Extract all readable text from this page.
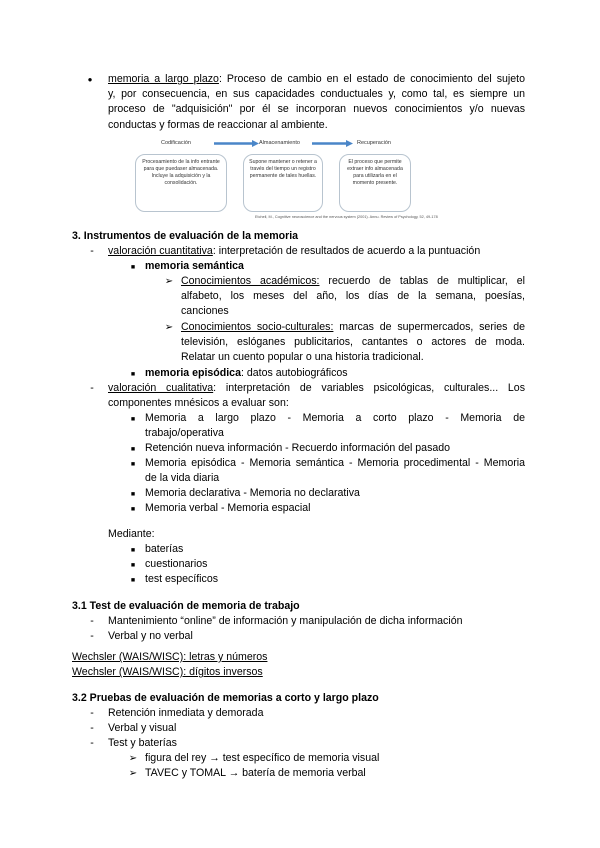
●
memoria a largo plazo: Proceso de cambio en el estado de conocimiento del sujeto
y, por consecuencia, en sus capacidades conductuales y, como tal, es siempre un
proceso de "adquisición" por él se incorporan nuevos conocimientos y/o nuevas
conductas y formas de reaccionar al ambiente.
Codificación	Almacenamiento	Recuperación
Procesamiento de la info entrante para que puedaser almacenada. Incluye la adquisición y la consolidación.
Supone mantener o retener a través del tiempo un registro permanente de tales huellas.
El proceso que permite extraer info almacenada para utilizarla en el momento presente.
Etchell, M., Cognitive neuroscience and the nervous system (2001). Annu. Review of Psychology, 52, 49-178
3. Instrumentos de evaluación de la memoria
-
valoración cuantitativa: interpretación de resultados de acuerdo a la puntuación
■
memoria semántica
➢
Conocimientos académicos: recuerdo de tablas de multiplicar, el
alfabeto, los meses del año, los días de la semana, poesías,
canciones
➢
Conocimientos socio-culturales: marcas de supermercados, series de
televisión, eslóganes publicitarios, cantantes o actores de moda.
Relatar un cuento popular o una historia tradicional.
■
memoria episódica: datos autobiográficos
-
valoración cualitativa: interpretación de variables psicológicas, culturales... Los
componentes mnésicos a evaluar son:
■
Memoria a largo plazo - Memoria a corto plazo - Memoria de
trabajo/operativa
■
Retención nueva información - Recuerdo información del pasado
■
Memoria episódica - Memoria semántica - Memoria procedimental - Memoria
de la vida diaria
■
Memoria declarativa - Memoria no declarativa
■
Memoria verbal - Memoria espacial
Mediante:
■
baterías
■
cuestionarios
■
test específicos
3.1 Test de evaluación de memoria de trabajo
-
Mantenimiento “online” de información y manipulación de dicha información
-
Verbal y no verbal
Wechsler (WAIS/WISC): letras y números
Wechsler (WAIS/WISC): dígitos inversos
3.2 Pruebas de evaluación de memorias a corto y largo plazo
-
Retención inmediata y demorada
-
Verbal y visual
-
Test y baterías
➢
figura del rey → test específico de memoria visual
➢
TAVEC y TOMAL → batería de memoria verbal
